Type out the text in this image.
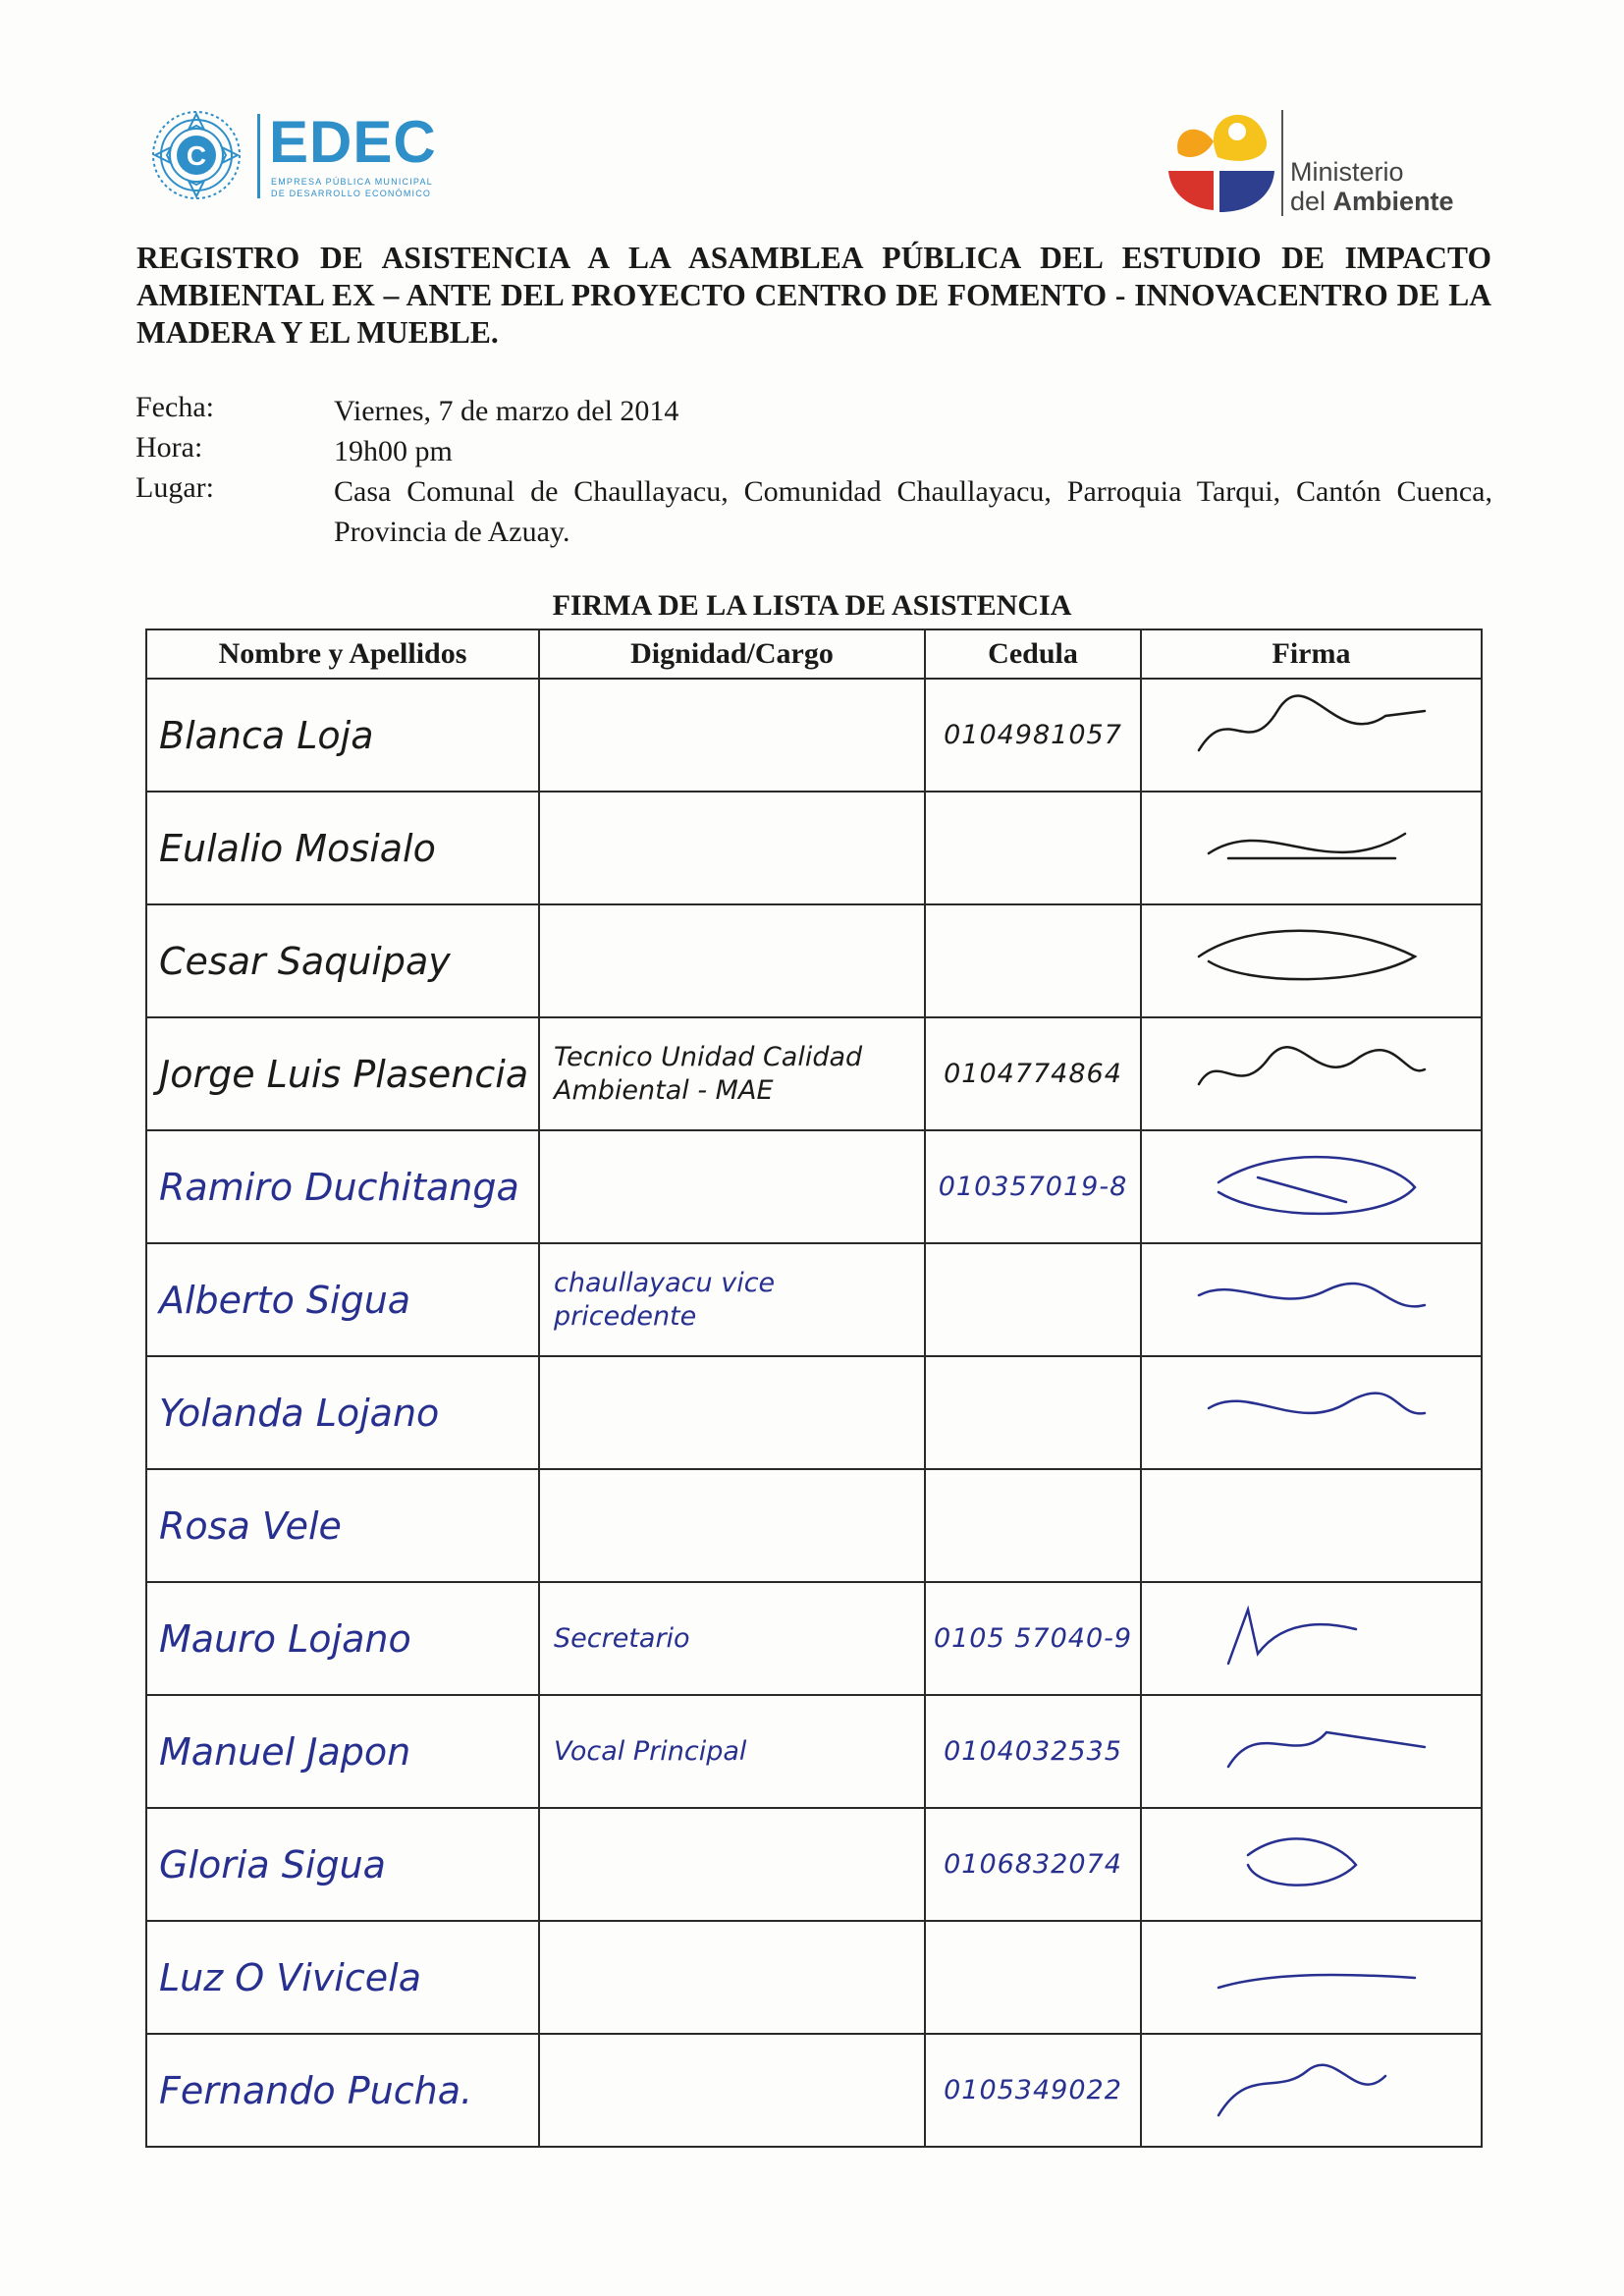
C EDEC
EMPRESA PÚBLICA MUNICIPAL
DE DESARROLLO ECONÓMICO
Ministerio
del Ambiente
REGISTRO DE ASISTENCIA A LA ASAMBLEA PÚBLICA DEL ESTUDIO DE IMPACTO AMBIENTAL EX – ANTE DEL PROYECTO CENTRO DE FOMENTO - INNOVACENTRO DE LA MADERA Y EL MUEBLE.
Fecha:	Viernes, 7 de marzo del 2014
Hora:	19h00 pm
Lugar:	Casa Comunal de Chaullayacu, Comunidad Chaullayacu, Parroquia Tarqui, Cantón Cuenca, Provincia de Azuay.
FIRMA DE LA LISTA DE ASISTENCIA
Nombre y Apellidos	Dignidad/Cargo	Cedula	Firma

Blanca Loja		0104981057

Eulalio Mosialo

Cesar Saquipay

Jorge Luis Plasencia	Tecnico Unidad Calidad Ambiental - MAE	0104774864

Ramiro Duchitanga		010357019-8

Alberto Sigua	chaullayacu vice pricedente

Yolanda Lojano

Rosa Vele			

Mauro Lojano	Secretario	0105 57040-9

Manuel Japon	Vocal Principal	0104032535

Gloria Sigua		0106832074

Luz O Vivicela

Fernando Pucha.		0105349022
